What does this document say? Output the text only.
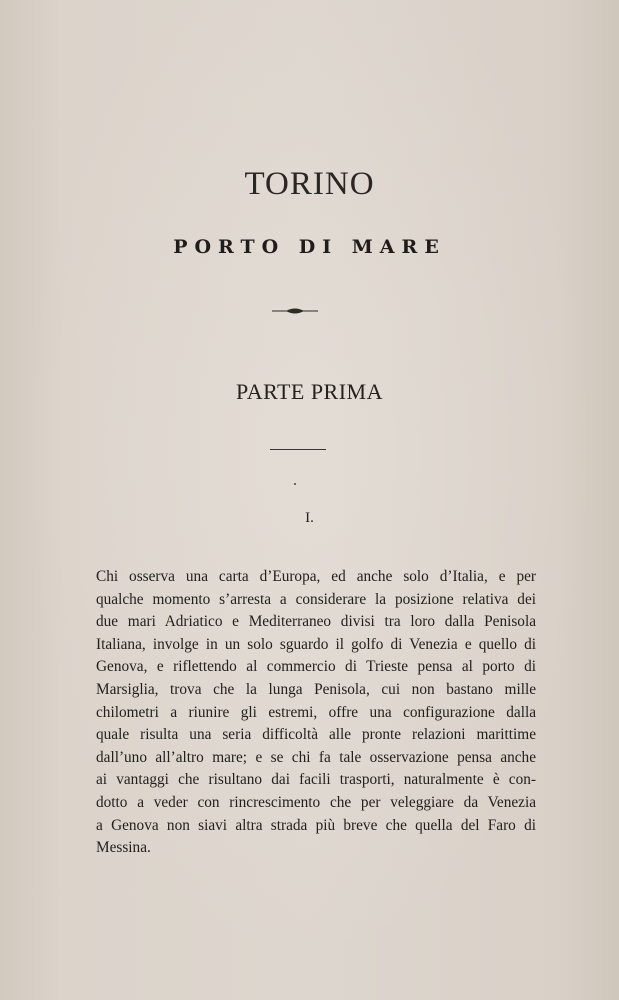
TORINO
PORTO DI MARE
PARTE PRIMA
I.
Chi osserva una carta d’Europa, ed anche solo d’Italia, e per
qualche momento s’arresta a considerare la posizione relativa dei
due mari Adriatico e Mediterraneo divisi tra loro dalla Penisola
Italiana, involge in un solo sguardo il golfo di Venezia e quello di
Genova, e riflettendo al commercio di Trieste pensa al porto di
Marsiglia, trova che la lunga Penisola, cui non bastano mille
chilometri a riunire gli estremi, offre una configurazione dalla
quale risulta una seria difficoltà alle pronte relazioni marittime
dall’uno all’altro mare; e se chi fa tale osservazione pensa anche
ai vantaggi che risultano dai facili trasporti, naturalmente è con-
dotto a veder con rincrescimento che per veleggiare da Venezia
a Genova non siavi altra strada più breve che quella del Faro di
Messina.
